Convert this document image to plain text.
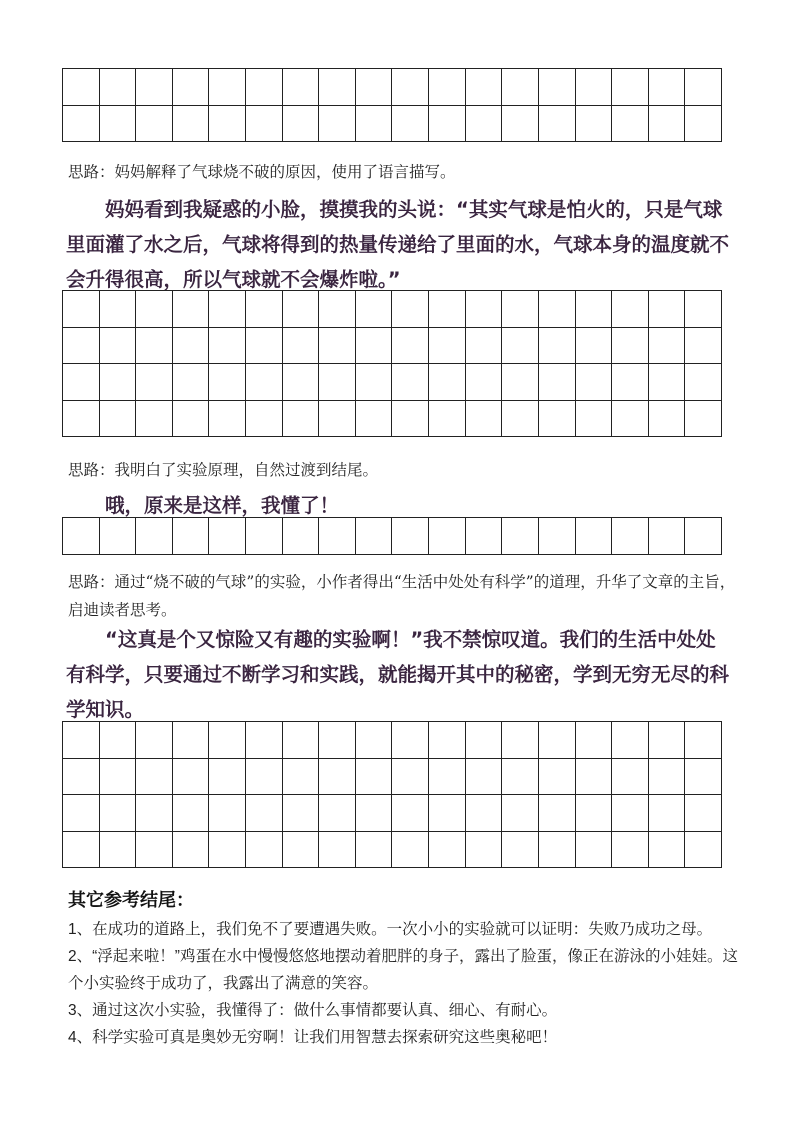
思路：妈妈解释了气球烧不破的原因，使用了语言描写。

妈妈看到我疑惑的小脸，摸摸我的头说：“其实气球是怕火的，只是气球里面灌了水之后，气球将得到的热量传递给了里面的水，气球本身的温度就不会升得很高，所以气球就不会爆炸啦。”

思路：我明白了实验原理，自然过渡到结尾。

哦，原来是这样，我懂了！

思路：通过“烧不破的气球”的实验，小作者得出“生活中处处有科学”的道理，升华了文章的主旨，启迪读者思考。

“这真是个又惊险又有趣的实验啊！”我不禁惊叹道。我们的生活中处处有科学，只要通过不断学习和实践，就能揭开其中的秘密，学到无穷无尽的科学知识。

其它参考结尾：

1、在成功的道路上，我们免不了要遭遇失败。一次小小的实验就可以证明：失败乃成功之母。

2、“浮起来啦！”鸡蛋在水中慢慢悠悠地摆动着肥胖的身子，露出了脸蛋，像正在游泳的小娃娃。这个小实验终于成功了，我露出了满意的笑容。

3、通过这次小实验，我懂得了：做什么事情都要认真、细心、有耐心。

4、科学实验可真是奥妙无穷啊！让我们用智慧去探索研究这些奥秘吧！
